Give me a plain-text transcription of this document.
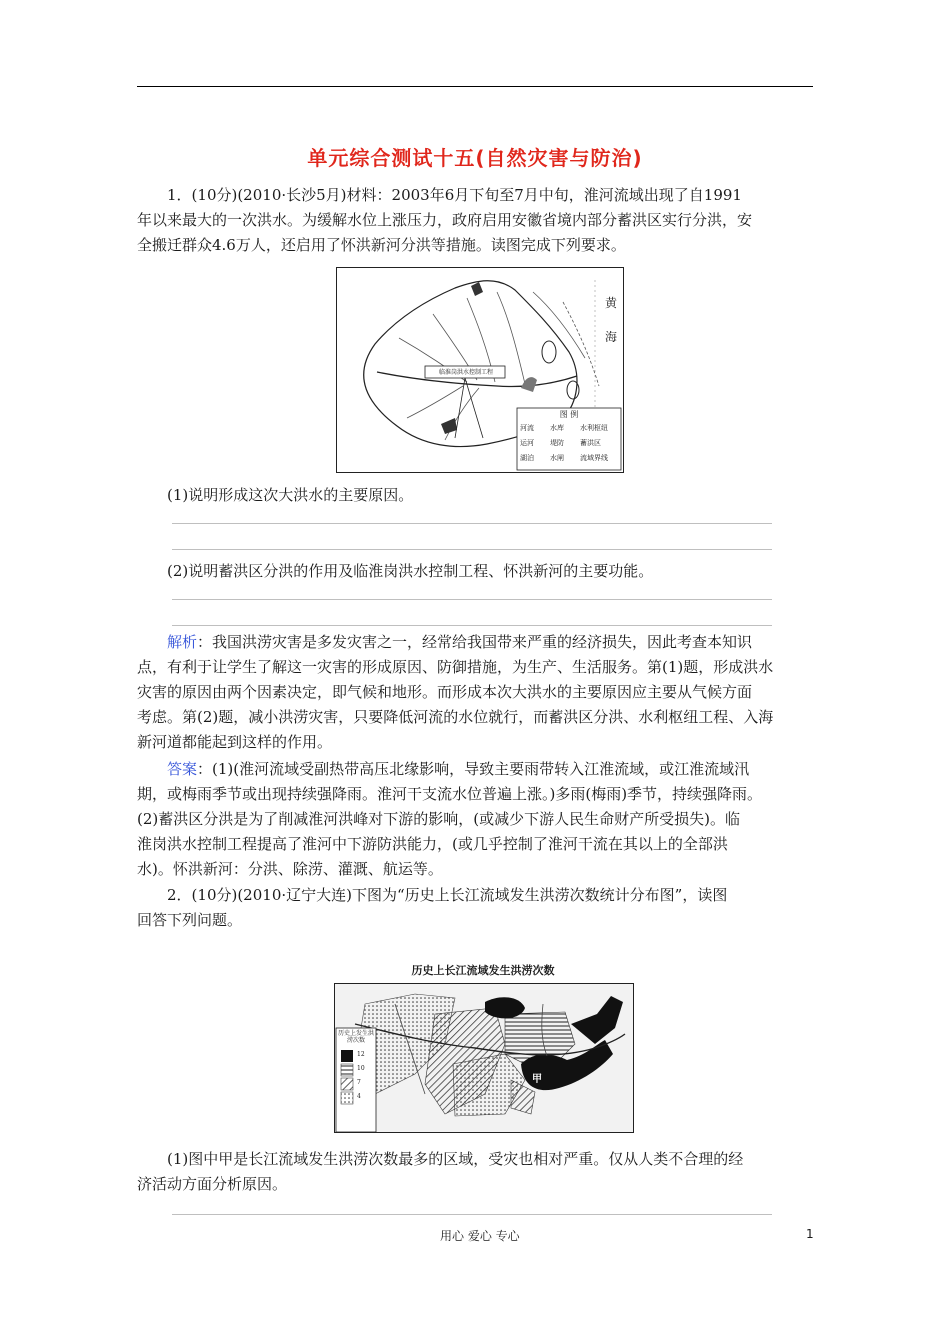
单元综合测试十五(自然灾害与防治)
1．(10分)(2010·长沙5月)材料：2003年6月下旬至7月中旬，淮河流域出现了自1991
年以来最大的一次洪水。为缓解水位上涨压力，政府启用安徽省境内部分蓄洪区实行分洪，安
全搬迁群众4.6万人，还启用了怀洪新河分洪等措施。读图完成下列要求。
黄
海
临淮岗洪水控制工程
图 例
河流	水库	水利枢纽
运河	堤防	蓄洪区
湖泊	水闸	流域界线
(1)说明形成这次大洪水的主要原因。
(2)说明蓄洪区分洪的作用及临淮岗洪水控制工程、怀洪新河的主要功能。
解析：我国洪涝灾害是多发灾害之一，经常给我国带来严重的经济损失，因此考查本知识
点，有利于让学生了解这一灾害的形成原因、防御措施，为生产、生活服务。第(1)题，形成洪水
灾害的原因由两个因素决定，即气候和地形。而形成本次大洪水的主要原因应主要从气候方面
考虑。第(2)题，减小洪涝灾害，只要降低河流的水位就行，而蓄洪区分洪、水利枢纽工程、入海
新河道都能起到这样的作用。
答案：(1)(淮河流域受副热带高压北缘影响，导致主要雨带转入江淮流域，或江淮流域汛
期，或梅雨季节或出现持续强降雨。淮河干支流水位普遍上涨。)多雨(梅雨)季节，持续强降雨。
(2)蓄洪区分洪是为了削减淮河洪峰对下游的影响，(或减少下游人民生命财产所受损失)。临
淮岗洪水控制工程提高了淮河中下游防洪能力，(或几乎控制了淮河干流在其以上的全部洪
水)。怀洪新河：分洪、除涝、灌溉、航运等。
2．(10分)(2010·辽宁大连)下图为“历史上长江流域发生洪涝次数统计分布图”，读图
回答下列问题。
历史上长江流域发生洪涝次数
历史上发生洪涝次数
12
10
7
4
甲
(1)图中甲是长江流域发生洪涝次数最多的区域，受灾也相对严重。仅从人类不合理的经
济活动方面分析原因。
用心 爱心 专心	1
